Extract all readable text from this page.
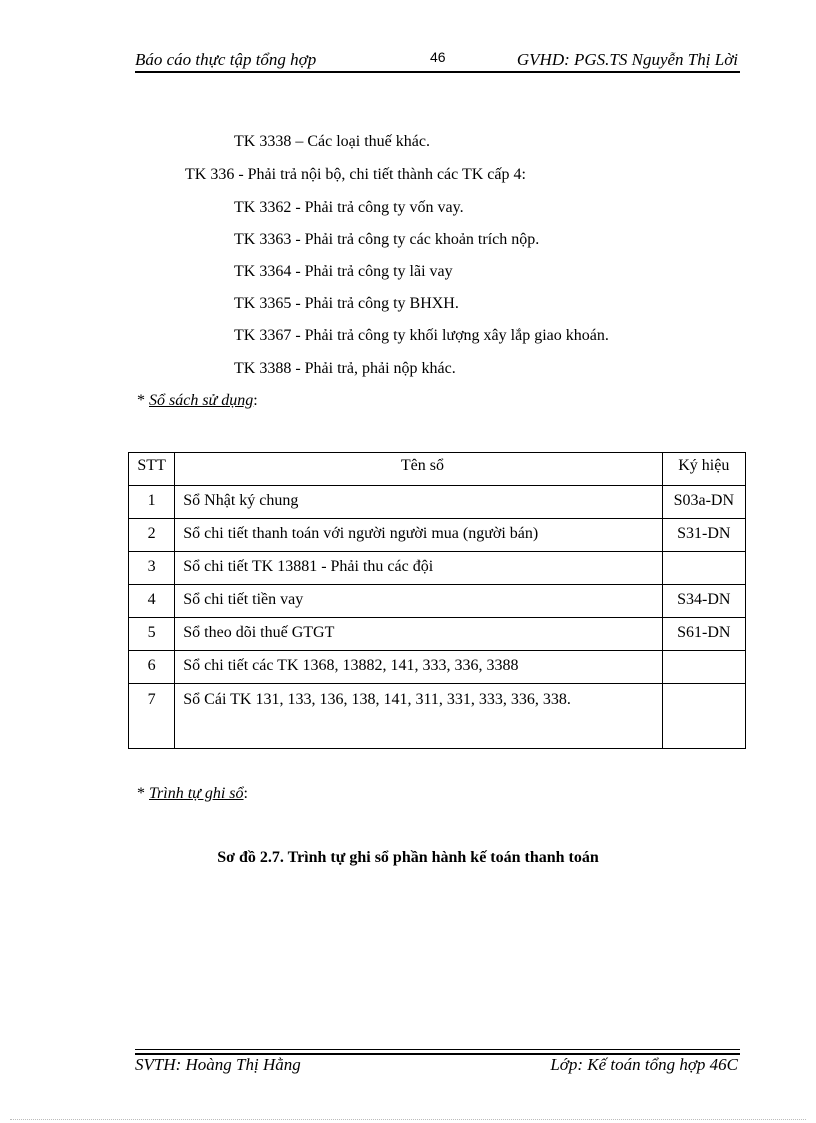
Báo cáo thực tập tổng hợp	46	GVHD: PGS.TS Nguyễn Thị Lời
TK 3338 – Các loại thuế khác.
TK 336 - Phải trả nội bộ, chi tiết thành các TK cấp 4:
TK 3362 - Phải trả công ty vốn vay.
TK 3363 - Phải trả công ty các khoản trích nộp.
TK 3364 - Phải trả công ty lãi vay
TK 3365 - Phải trả công ty BHXH.
TK 3367 - Phải trả công ty khối lượng xây lắp giao khoán.
TK 3388 - Phải trả, phải nộp khác.
* Sổ sách sử dụng:
STT	Tên sổ	Ký hiệu
1	Sổ Nhật ký chung	S03a-DN
2	Sổ chi tiết thanh toán với người người mua (người bán)	S31-DN
3	Sổ chi tiết TK 13881 - Phải thu các đội	
4	Sổ chi tiết tiền vay	S34-DN
5	Sổ theo dõi thuế GTGT	S61-DN
6	Sổ chi tiết các TK 1368, 13882, 141, 333, 336, 3388	
7	Sổ Cái TK 131, 133, 136, 138, 141, 311, 331, 333, 336, 338.	
* Trình tự ghi sổ:
Sơ đồ 2.7. Trình tự ghi sổ phần hành kế toán thanh toán
SVTH: Hoàng Thị Hằng	Lớp: Kế toán tổng hợp 46C
